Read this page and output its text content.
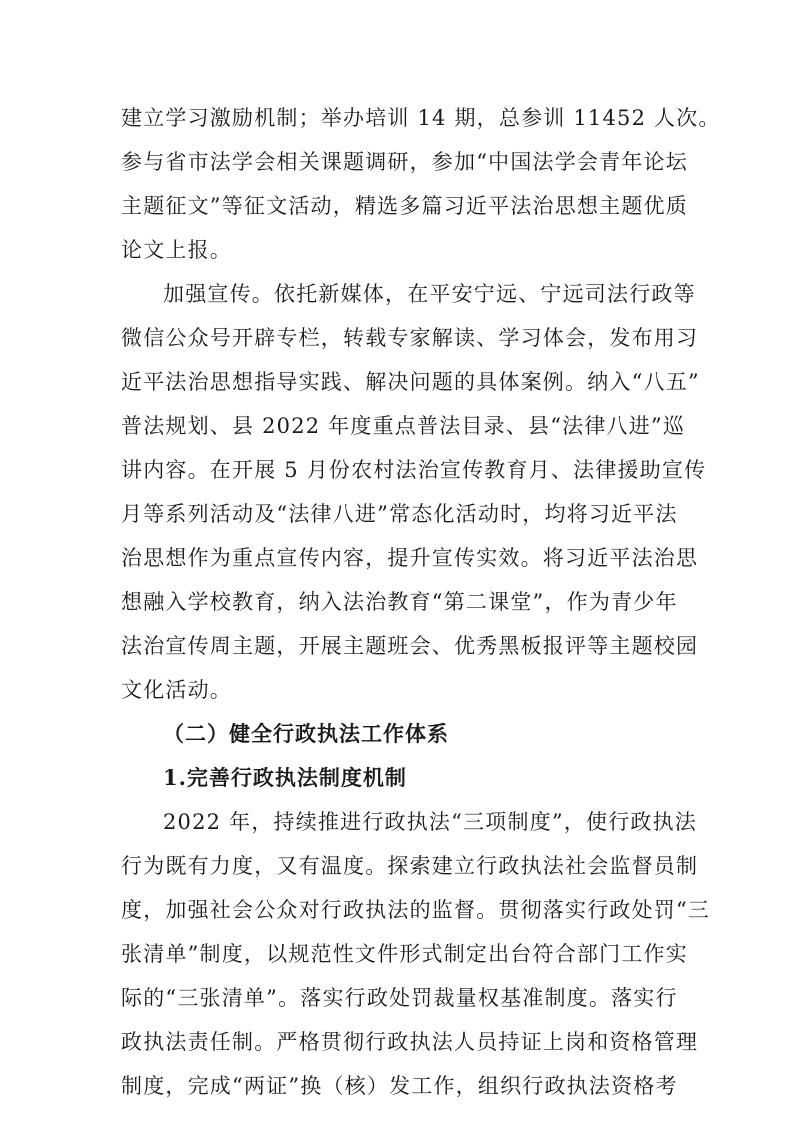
建立学习激励机制；举办培训 14 期，总参训 11452 人次。
参与省市法学会相关课题调研，参加“中国法学会青年论坛
主题征文”等征文活动，精选多篇习近平法治思想主题优质
论文上报。
加强宣传。依托新媒体，在平安宁远、宁远司法行政等
微信公众号开辟专栏，转载专家解读、学习体会，发布用习
近平法治思想指导实践、解决问题的具体案例。纳入“八五”
普法规划、县 2022 年度重点普法目录、县“法律八进”巡
讲内容。在开展 5 月份农村法治宣传教育月、法律援助宣传
月等系列活动及“法律八进”常态化活动时，均将习近平法
治思想作为重点宣传内容，提升宣传实效。将习近平法治思
想融入学校教育，纳入法治教育“第二课堂”，作为青少年
法治宣传周主题，开展主题班会、优秀黑板报评等主题校园
文化活动。
（二）健全行政执法工作体系
1.完善行政执法制度机制
2022 年，持续推进行政执法“三项制度”，使行政执法
行为既有力度，又有温度。探索建立行政执法社会监督员制
度，加强社会公众对行政执法的监督。贯彻落实行政处罚“三
张清单”制度，以规范性文件形式制定出台符合部门工作实
际的“三张清单”。落实行政处罚裁量权基准制度。落实行
政执法责任制。严格贯彻行政执法人员持证上岗和资格管理
制度，完成“两证”换（核）发工作，组织行政执法资格考
